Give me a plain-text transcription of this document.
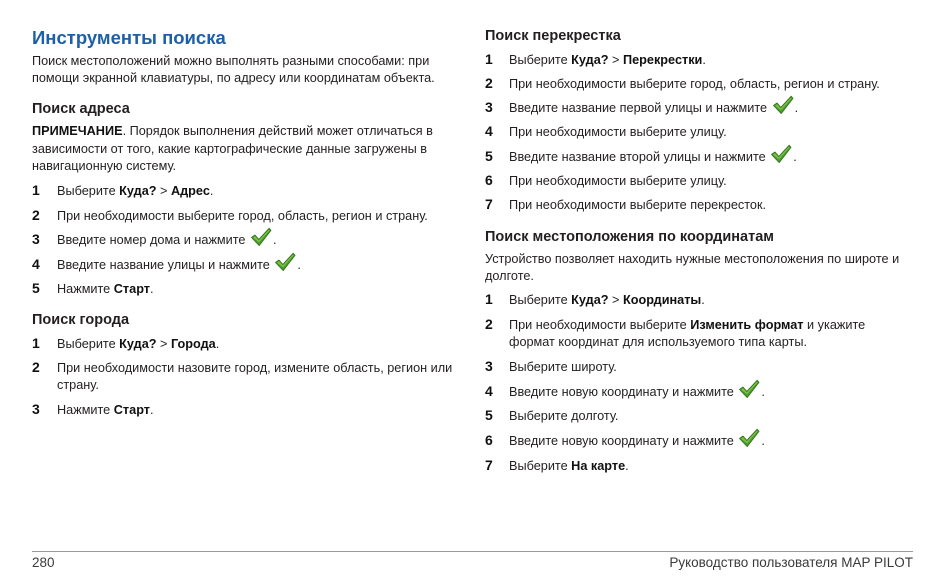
Инструменты поиска
Поиск местоположений можно выполнять разными способами: при
помощи экранной клавиатуры, по адресу или координатам объекта.
Поиск адреса
ПРИМЕЧАНИЕ. Порядок выполнения действий может отличаться в
зависимости от того, какие картографические данные загружены в
навигационную систему.
1	Выберите Куда? > Адрес.
2	При необходимости выберите город, область, регион и страну.
3	Введите номер дома и нажмите
.
4	Введите название улицы и нажмите
.
5	Нажмите Старт.
Поиск города
1	Выберите Куда? > Города.
2	При необходимости назовите город, измените область, регион или
страну.
3	Нажмите Старт.
Поиск перекрестка
1	Выберите Куда? > Перекрестки.
2	При необходимости выберите город, область, регион и страну.
3	Введите название первой улицы и нажмите
.
4	При необходимости выберите улицу.
5	Введите название второй улицы и нажмите
.
6	При необходимости выберите улицу.
7	При необходимости выберите перекресток.
Поиск местоположения по координатам
Устройство позволяет находить нужные местоположения по широте и
долготе.
1	Выберите Куда? > Координаты.
2	При необходимости выберите Изменить формат и укажите
формат координат для используемого типа карты.
3	Выберите широту.
4	Введите новую координату и нажмите
.
5	Выберите долготу.
6	Введите новую координату и нажмите
.
7	Выберите На карте.
280	Руководство пользователя MAP PILOT
